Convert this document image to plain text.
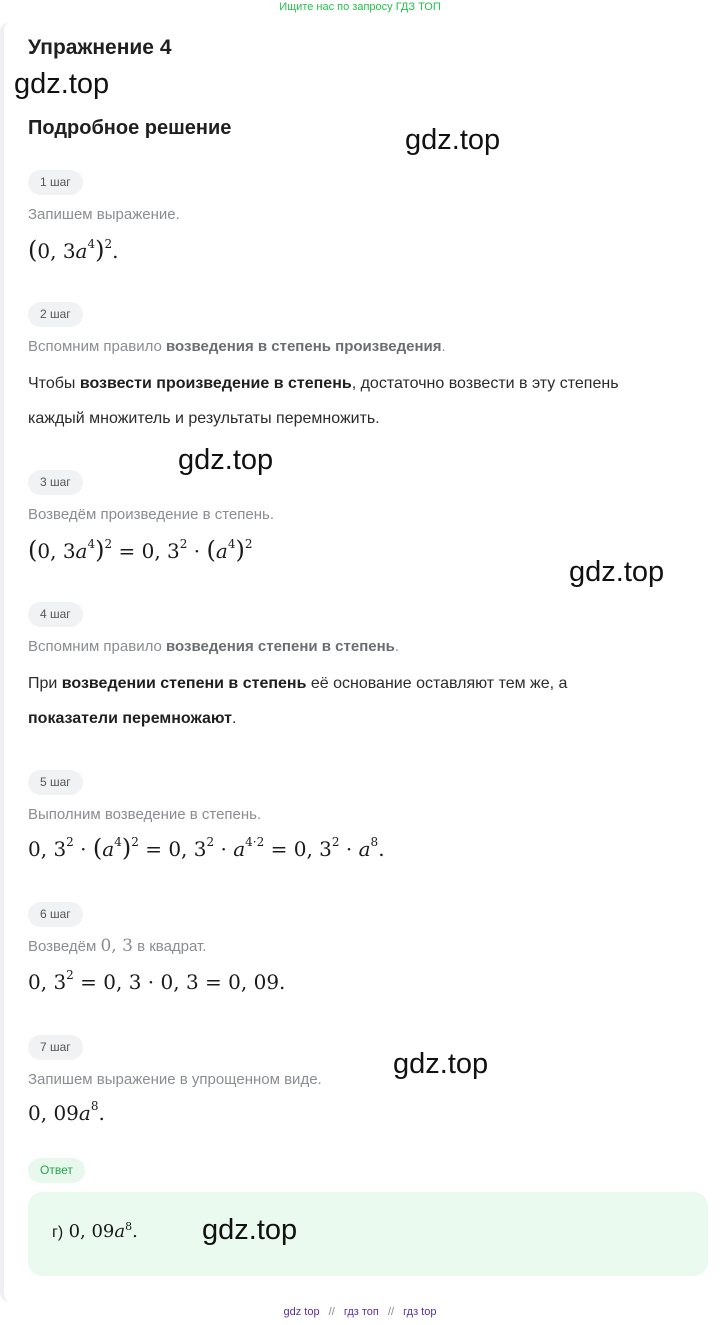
Ищите нас по запросу ГДЗ ТОП
Упражнение 4
gdz.top
Подробное решение	gdz.top
1 шаг
Запишем выражение.
(0, $3a^4)^2$.
2 шаг
Вспомним правило возведения в степень произведения.
Чтобы возвести произведение в степень, достаточно возвести в эту степень
каждый множитель и результаты перемножить.
gdz.top
3 шаг
Возведём произведение в степень.
(0, $3a^4)^2 = 0$, $3^2 \cdot (a^4)^2$
gdz.top
4 шаг
Вспомним правило возведения степени в степень.
При возведении степени в степень её основание оставляют тем же, а
показатели перемножают.
5 шаг
Выполним возведение в степень.
0, $3^2 \cdot (a^4)^2 = 0$, $3^2 \cdot a^{4\cdot 2} = 0$, $3^2 \cdot a^8$.
6 шаг
Возведём 0, 3 в квадрат.
0, $3^2 = 0$, 3 · 0, 3 = 0, 09.
7 шаг
Запишем выражение в упрощенном виде.
0, $09a^8$.
gdz.top
Ответ
г) 0, $09a^8$. gdz.top
gdz top // гдз топ // гдз top
